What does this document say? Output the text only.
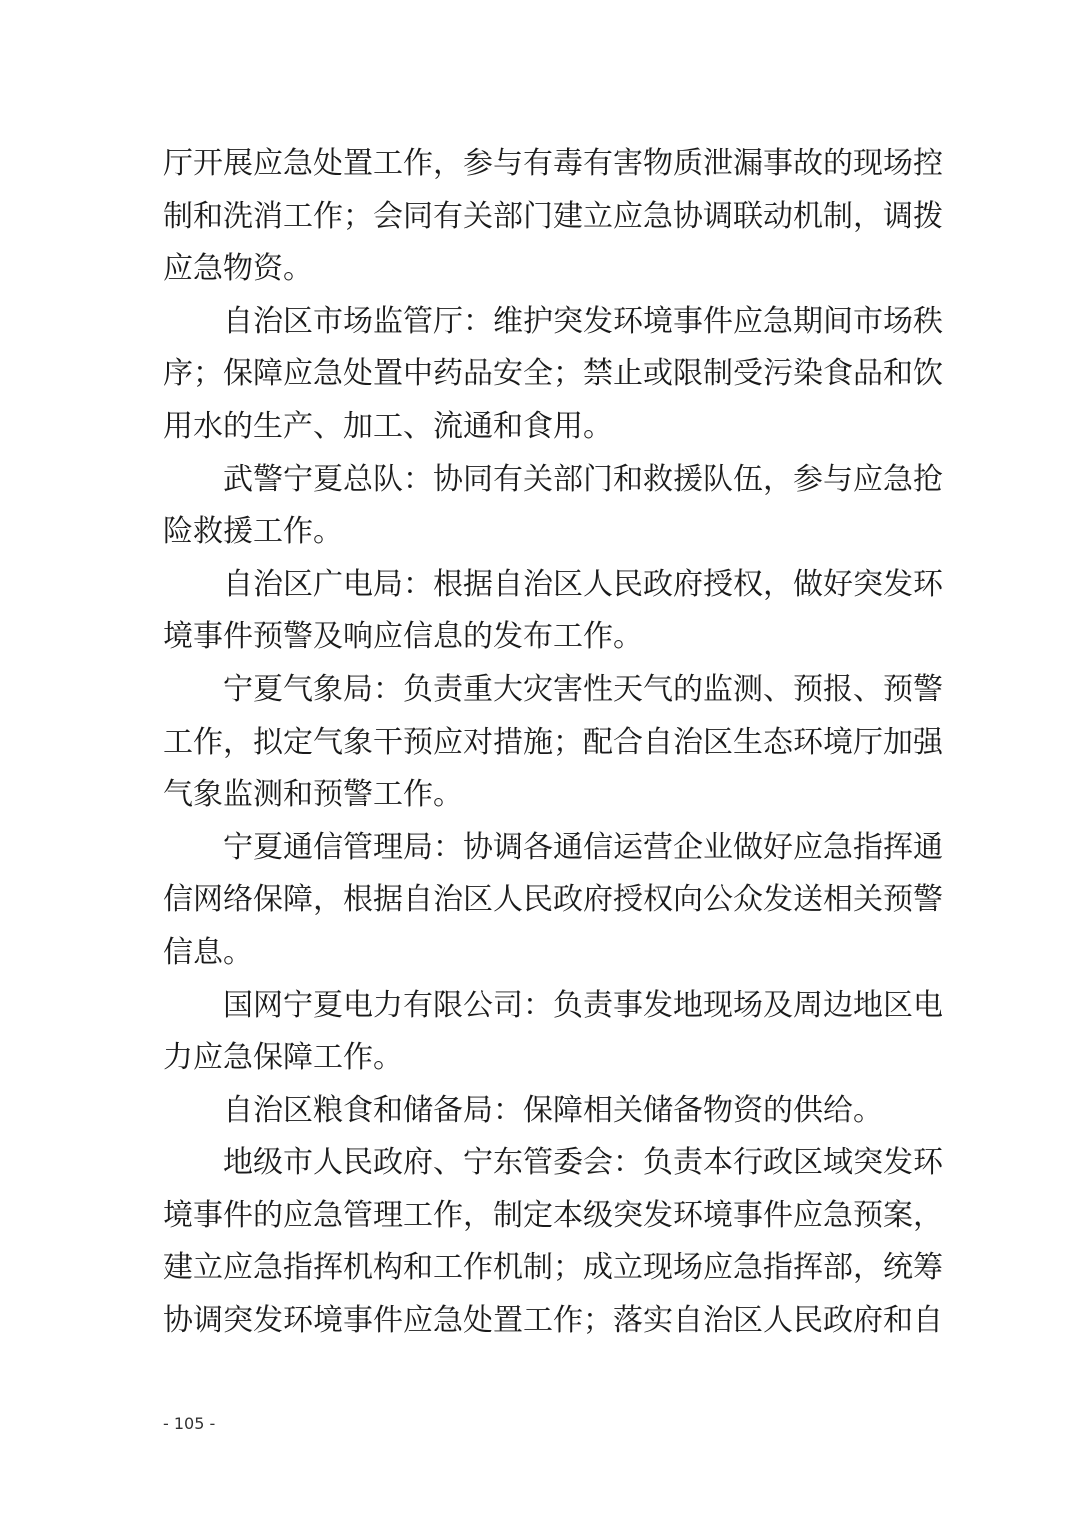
厅开展应急处置工作，参与有毒有害物质泄漏事故的现场控
制和洗消工作；会同有关部门建立应急协调联动机制，调拨
应急物资。

自治区市场监管厅：维护突发环境事件应急期间市场秩
序；保障应急处置中药品安全；禁止或限制受污染食品和饮
用水的生产、加工、流通和食用。

武警宁夏总队：协同有关部门和救援队伍，参与应急抢
险救援工作。

自治区广电局：根据自治区人民政府授权，做好突发环
境事件预警及响应信息的发布工作。

宁夏气象局：负责重大灾害性天气的监测、预报、预警
工作，拟定气象干预应对措施；配合自治区生态环境厅加强
气象监测和预警工作。

宁夏通信管理局：协调各通信运营企业做好应急指挥通
信网络保障，根据自治区人民政府授权向公众发送相关预警
信息。

国网宁夏电力有限公司：负责事发地现场及周边地区电
力应急保障工作。

自治区粮食和储备局：保障相关储备物资的供给。

地级市人民政府、宁东管委会：负责本行政区域突发环
境事件的应急管理工作，制定本级突发环境事件应急预案，
建立应急指挥机构和工作机制；成立现场应急指挥部，统筹
协调突发环境事件应急处置工作；落实自治区人民政府和自

- 105 -
